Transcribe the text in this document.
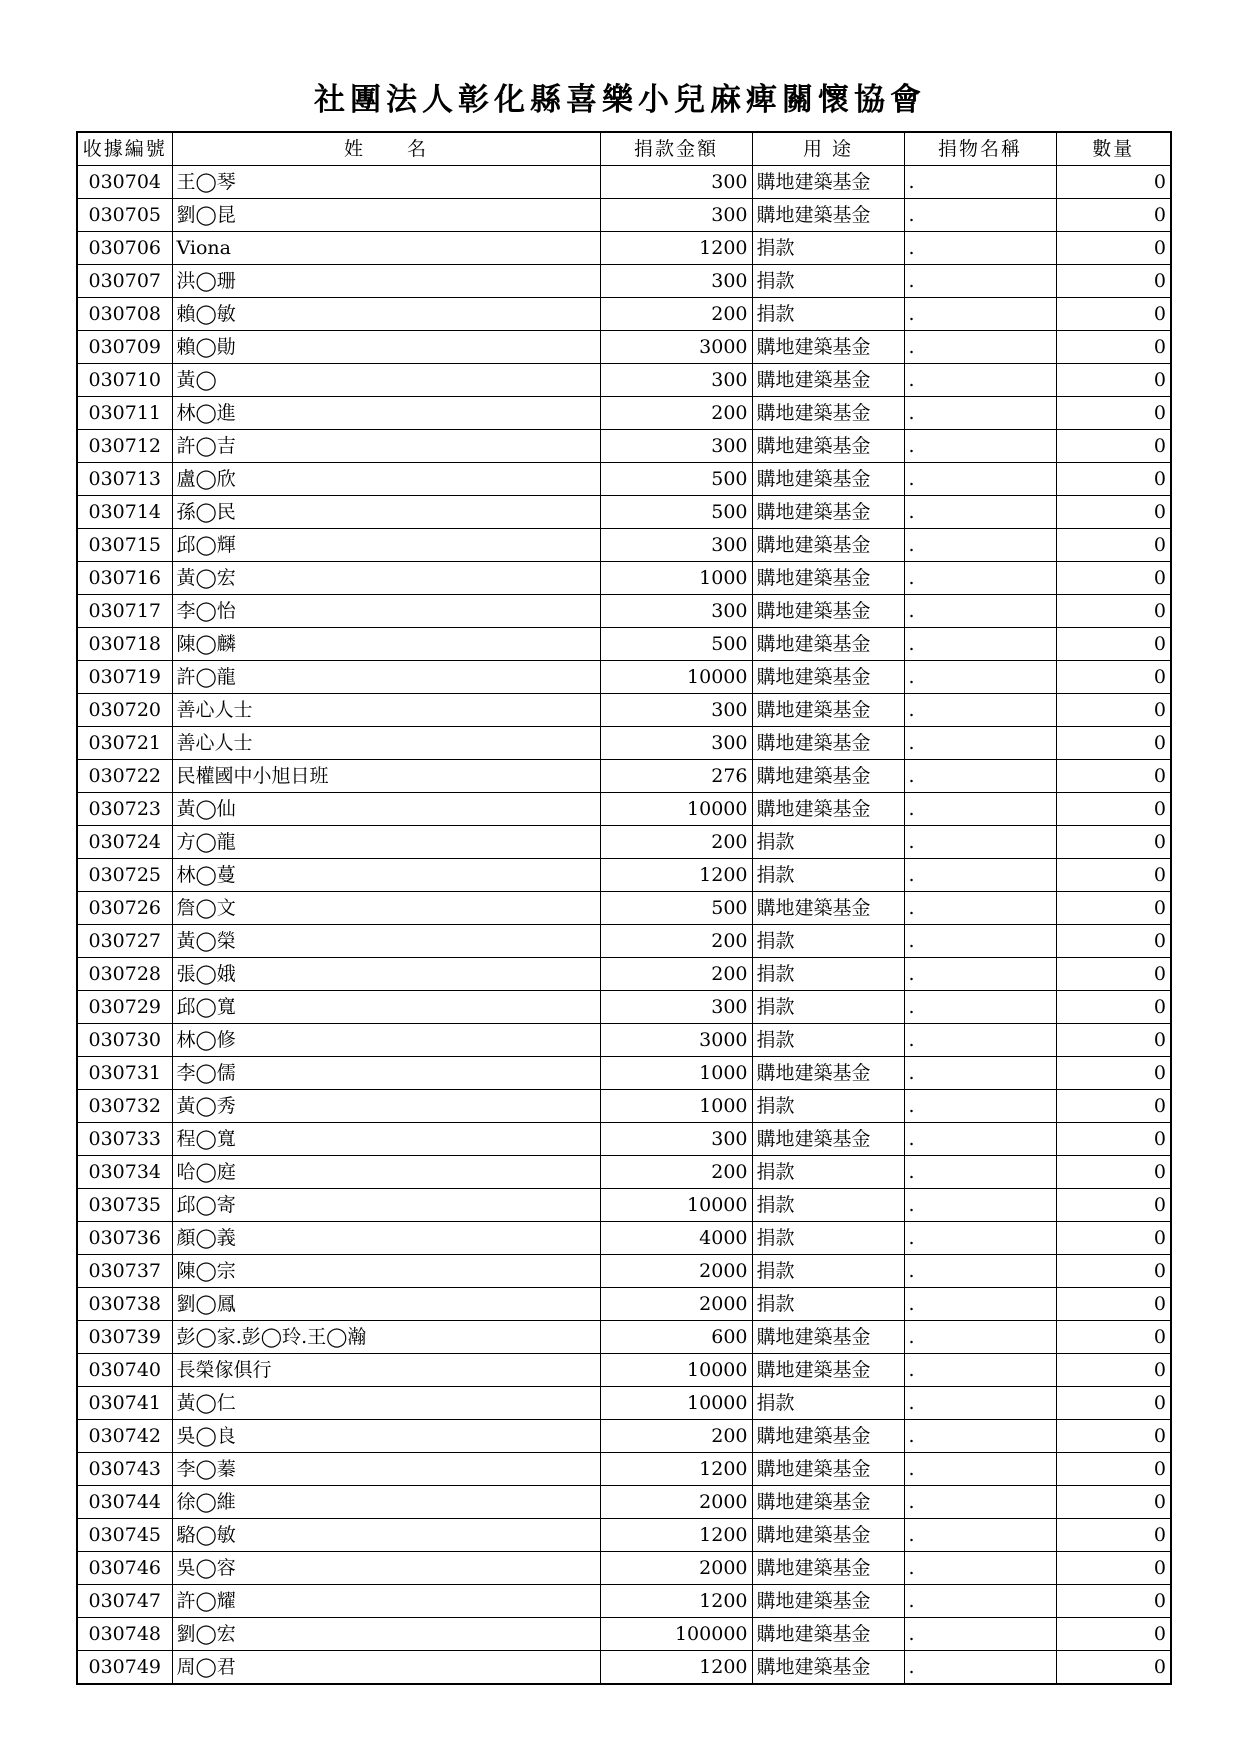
社團法人彰化縣喜樂小兒麻痺關懷協會
收據編號	姓　　名	捐款金額	用 途	捐物名稱	數量
030704	王◯琴	300	購地建築基金	.	0
030705	劉◯昆	300	購地建築基金	.	0
030706	Viona	1200	捐款	.	0
030707	洪◯珊	300	捐款	.	0
030708	賴◯敏	200	捐款	.	0
030709	賴◯勛	3000	購地建築基金	.	0
030710	黃◯	300	購地建築基金	.	0
030711	林◯進	200	購地建築基金	.	0
030712	許◯吉	300	購地建築基金	.	0
030713	盧◯欣	500	購地建築基金	.	0
030714	孫◯民	500	購地建築基金	.	0
030715	邱◯輝	300	購地建築基金	.	0
030716	黃◯宏	1000	購地建築基金	.	0
030717	李◯怡	300	購地建築基金	.	0
030718	陳◯麟	500	購地建築基金	.	0
030719	許◯龍	10000	購地建築基金	.	0
030720	善心人士	300	購地建築基金	.	0
030721	善心人士	300	購地建築基金	.	0
030722	民權國中小旭日班	276	購地建築基金	.	0
030723	黃◯仙	10000	購地建築基金	.	0
030724	方◯龍	200	捐款	.	0
030725	林◯蔓	1200	捐款	.	0
030726	詹◯文	500	購地建築基金	.	0
030727	黃◯榮	200	捐款	.	0
030728	張◯娥	200	捐款	.	0
030729	邱◯寬	300	捐款	.	0
030730	林◯修	3000	捐款	.	0
030731	李◯儒	1000	購地建築基金	.	0
030732	黃◯秀	1000	捐款	.	0
030733	程◯寬	300	購地建築基金	.	0
030734	哈◯庭	200	捐款	.	0
030735	邱◯寄	10000	捐款	.	0
030736	顏◯義	4000	捐款	.	0
030737	陳◯宗	2000	捐款	.	0
030738	劉◯鳳	2000	捐款	.	0
030739	彭◯家.彭◯玲.王◯瀚	600	購地建築基金	.	0
030740	長榮傢俱行	10000	購地建築基金	.	0
030741	黃◯仁	10000	捐款	.	0
030742	吳◯良	200	購地建築基金	.	0
030743	李◯蓁	1200	購地建築基金	.	0
030744	徐◯維	2000	購地建築基金	.	0
030745	駱◯敏	1200	購地建築基金	.	0
030746	吳◯容	2000	購地建築基金	.	0
030747	許◯耀	1200	購地建築基金	.	0
030748	劉◯宏	100000	購地建築基金	.	0
030749	周◯君	1200	購地建築基金	.	0
